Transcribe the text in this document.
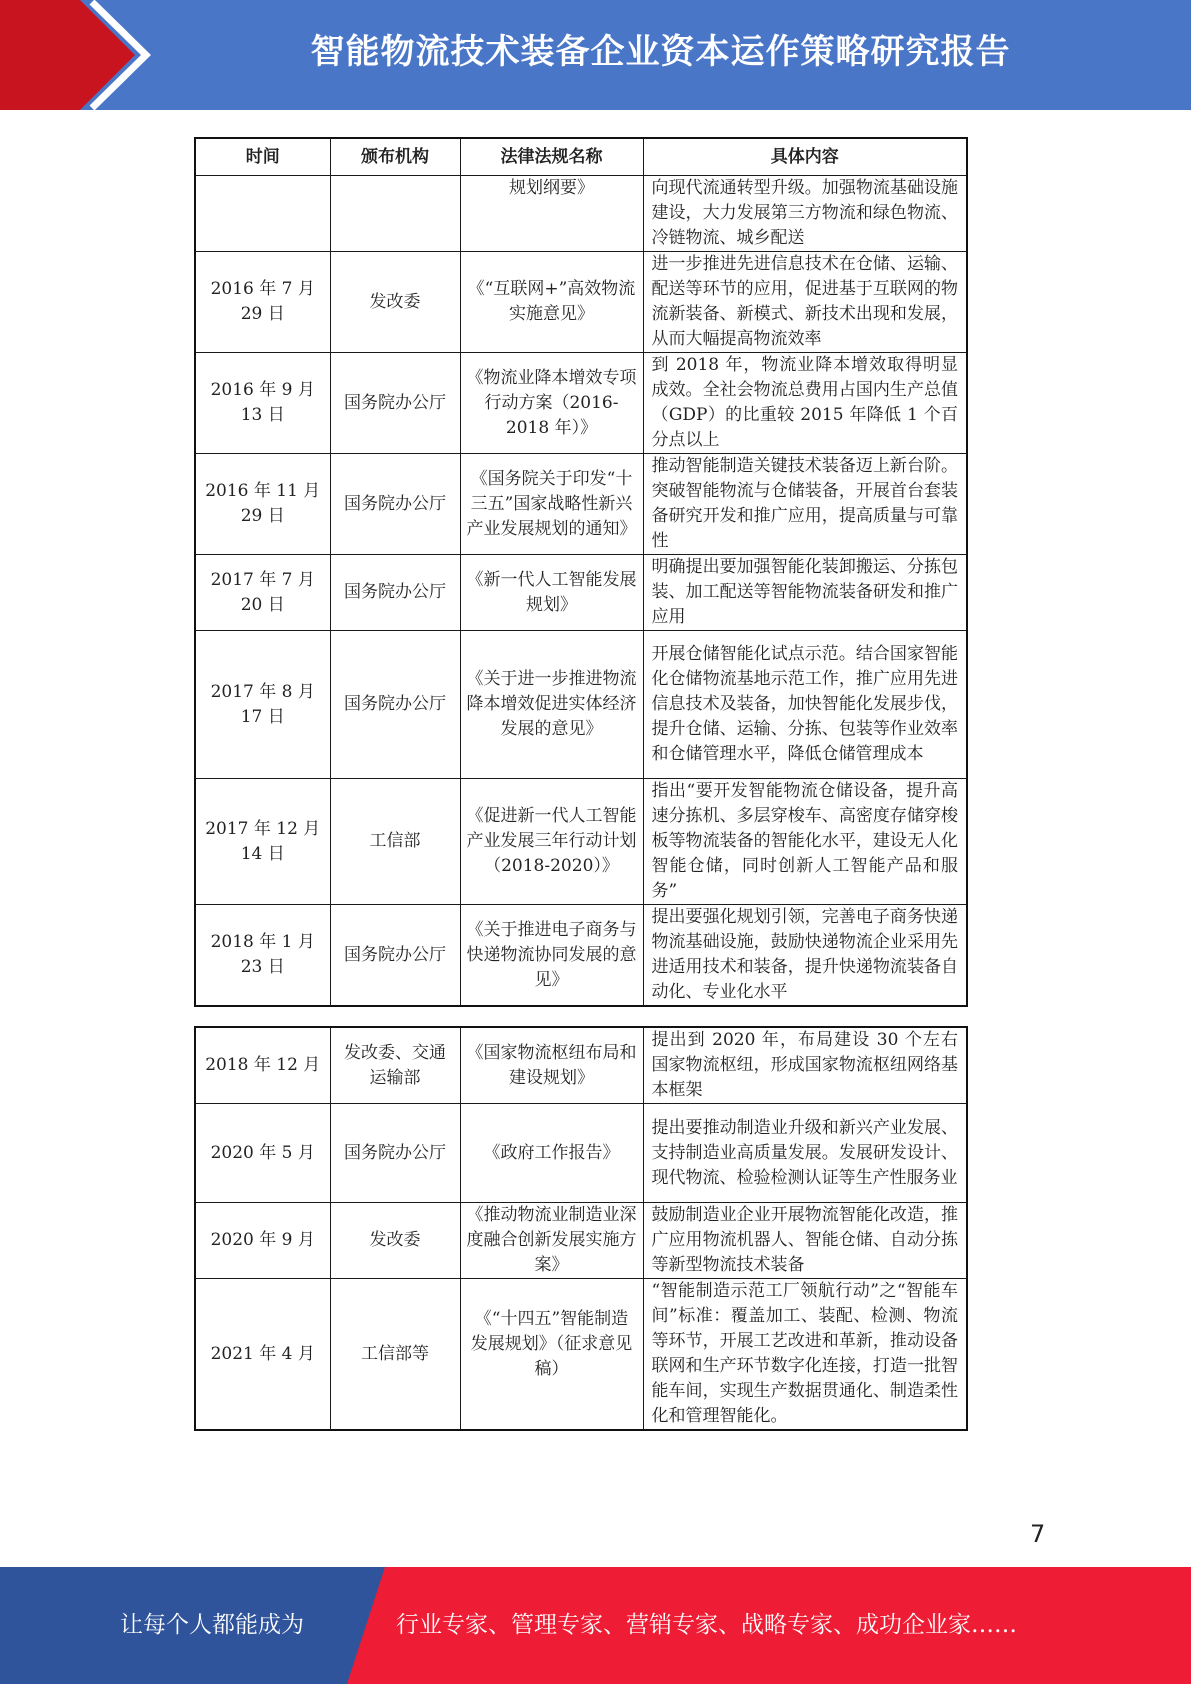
智能物流技术装备企业资本运作策略研究报告
时间	颁布机构	法律法规名称	具体内容
		规划纲要》	向现代流通转型升级。加强物流基础设施建设，大力发展第三方物流和绿色物流、冷链物流、城乡配送
2016 年 7 月 29 日	发改委	《“互联网+”高效物流实施意见》	进一步推进先进信息技术在仓储、运输、配送等环节的应用，促进基于互联网的物流新装备、新模式、新技术出现和发展，从而大幅提高物流效率
2016 年 9 月 13 日	国务院办公厅	《物流业降本增效专项行动方案（2016-2018 年）》	到 2018 年，物流业降本增效取得明显成效。全社会物流总费用占国内生产总值（GDP）的比重较 2015 年降低 1 个百分点以上
2016 年 11 月 29 日	国务院办公厅	《国务院关于印发“十三五”国家战略性新兴产业发展规划的通知》	推动智能制造关键技术装备迈上新台阶。突破智能物流与仓储装备，开展首台套装备研究开发和推广应用，提高质量与可靠性
2017 年 7 月 20 日	国务院办公厅	《新一代人工智能发展规划》	明确提出要加强智能化装卸搬运、分拣包装、加工配送等智能物流装备研发和推广应用
2017 年 8 月 17 日	国务院办公厅	《关于进一步推进物流降本增效促进实体经济发展的意见》	开展仓储智能化试点示范。结合国家智能化仓储物流基地示范工作，推广应用先进信息技术及装备，加快智能化发展步伐，提升仓储、运输、分拣、包装等作业效率和仓储管理水平，降低仓储管理成本
2017 年 12 月 14 日	工信部	《促进新一代人工智能产业发展三年行动计划（2018-2020）》	指出“要开发智能物流仓储设备，提升高速分拣机、多层穿梭车、高密度存储穿梭板等物流装备的智能化水平，建设无人化智能仓储，同时创新人工智能产品和服务”
2018 年 1 月 23 日	国务院办公厅	《关于推进电子商务与快递物流协同发展的意见》	提出要强化规划引领，完善电子商务快递物流基础设施，鼓励快递物流企业采用先进适用技术和装备，提升快递物流装备自动化、专业化水平
2018 年 12 月	发改委、交通运输部	《国家物流枢纽布局和建设规划》	提出到 2020 年，布局建设 30 个左右国家物流枢纽，形成国家物流枢纽网络基本框架
2020 年 5 月	国务院办公厅	《政府工作报告》	提出要推动制造业升级和新兴产业发展、支持制造业高质量发展。发展研发设计、现代物流、检验检测认证等生产性服务业
2020 年 9 月	发改委	《推动物流业制造业深度融合创新发展实施方案》	鼓励制造业企业开展物流智能化改造，推广应用物流机器人、智能仓储、自动分拣等新型物流技术装备
2021 年 4 月	工信部等	《“十四五”智能制造发展规划》（征求意见稿）	“智能制造示范工厂领航行动”之“智能车间”标准：覆盖加工、装配、检测、物流等环节，开展工艺改进和革新，推动设备联网和生产环节数字化连接，打造一批智能车间，实现生产数据贯通化、制造柔性化和管理智能化。
7
让每个人都能成为	行业专家、管理专家、营销专家、战略专家、成功企业家……
